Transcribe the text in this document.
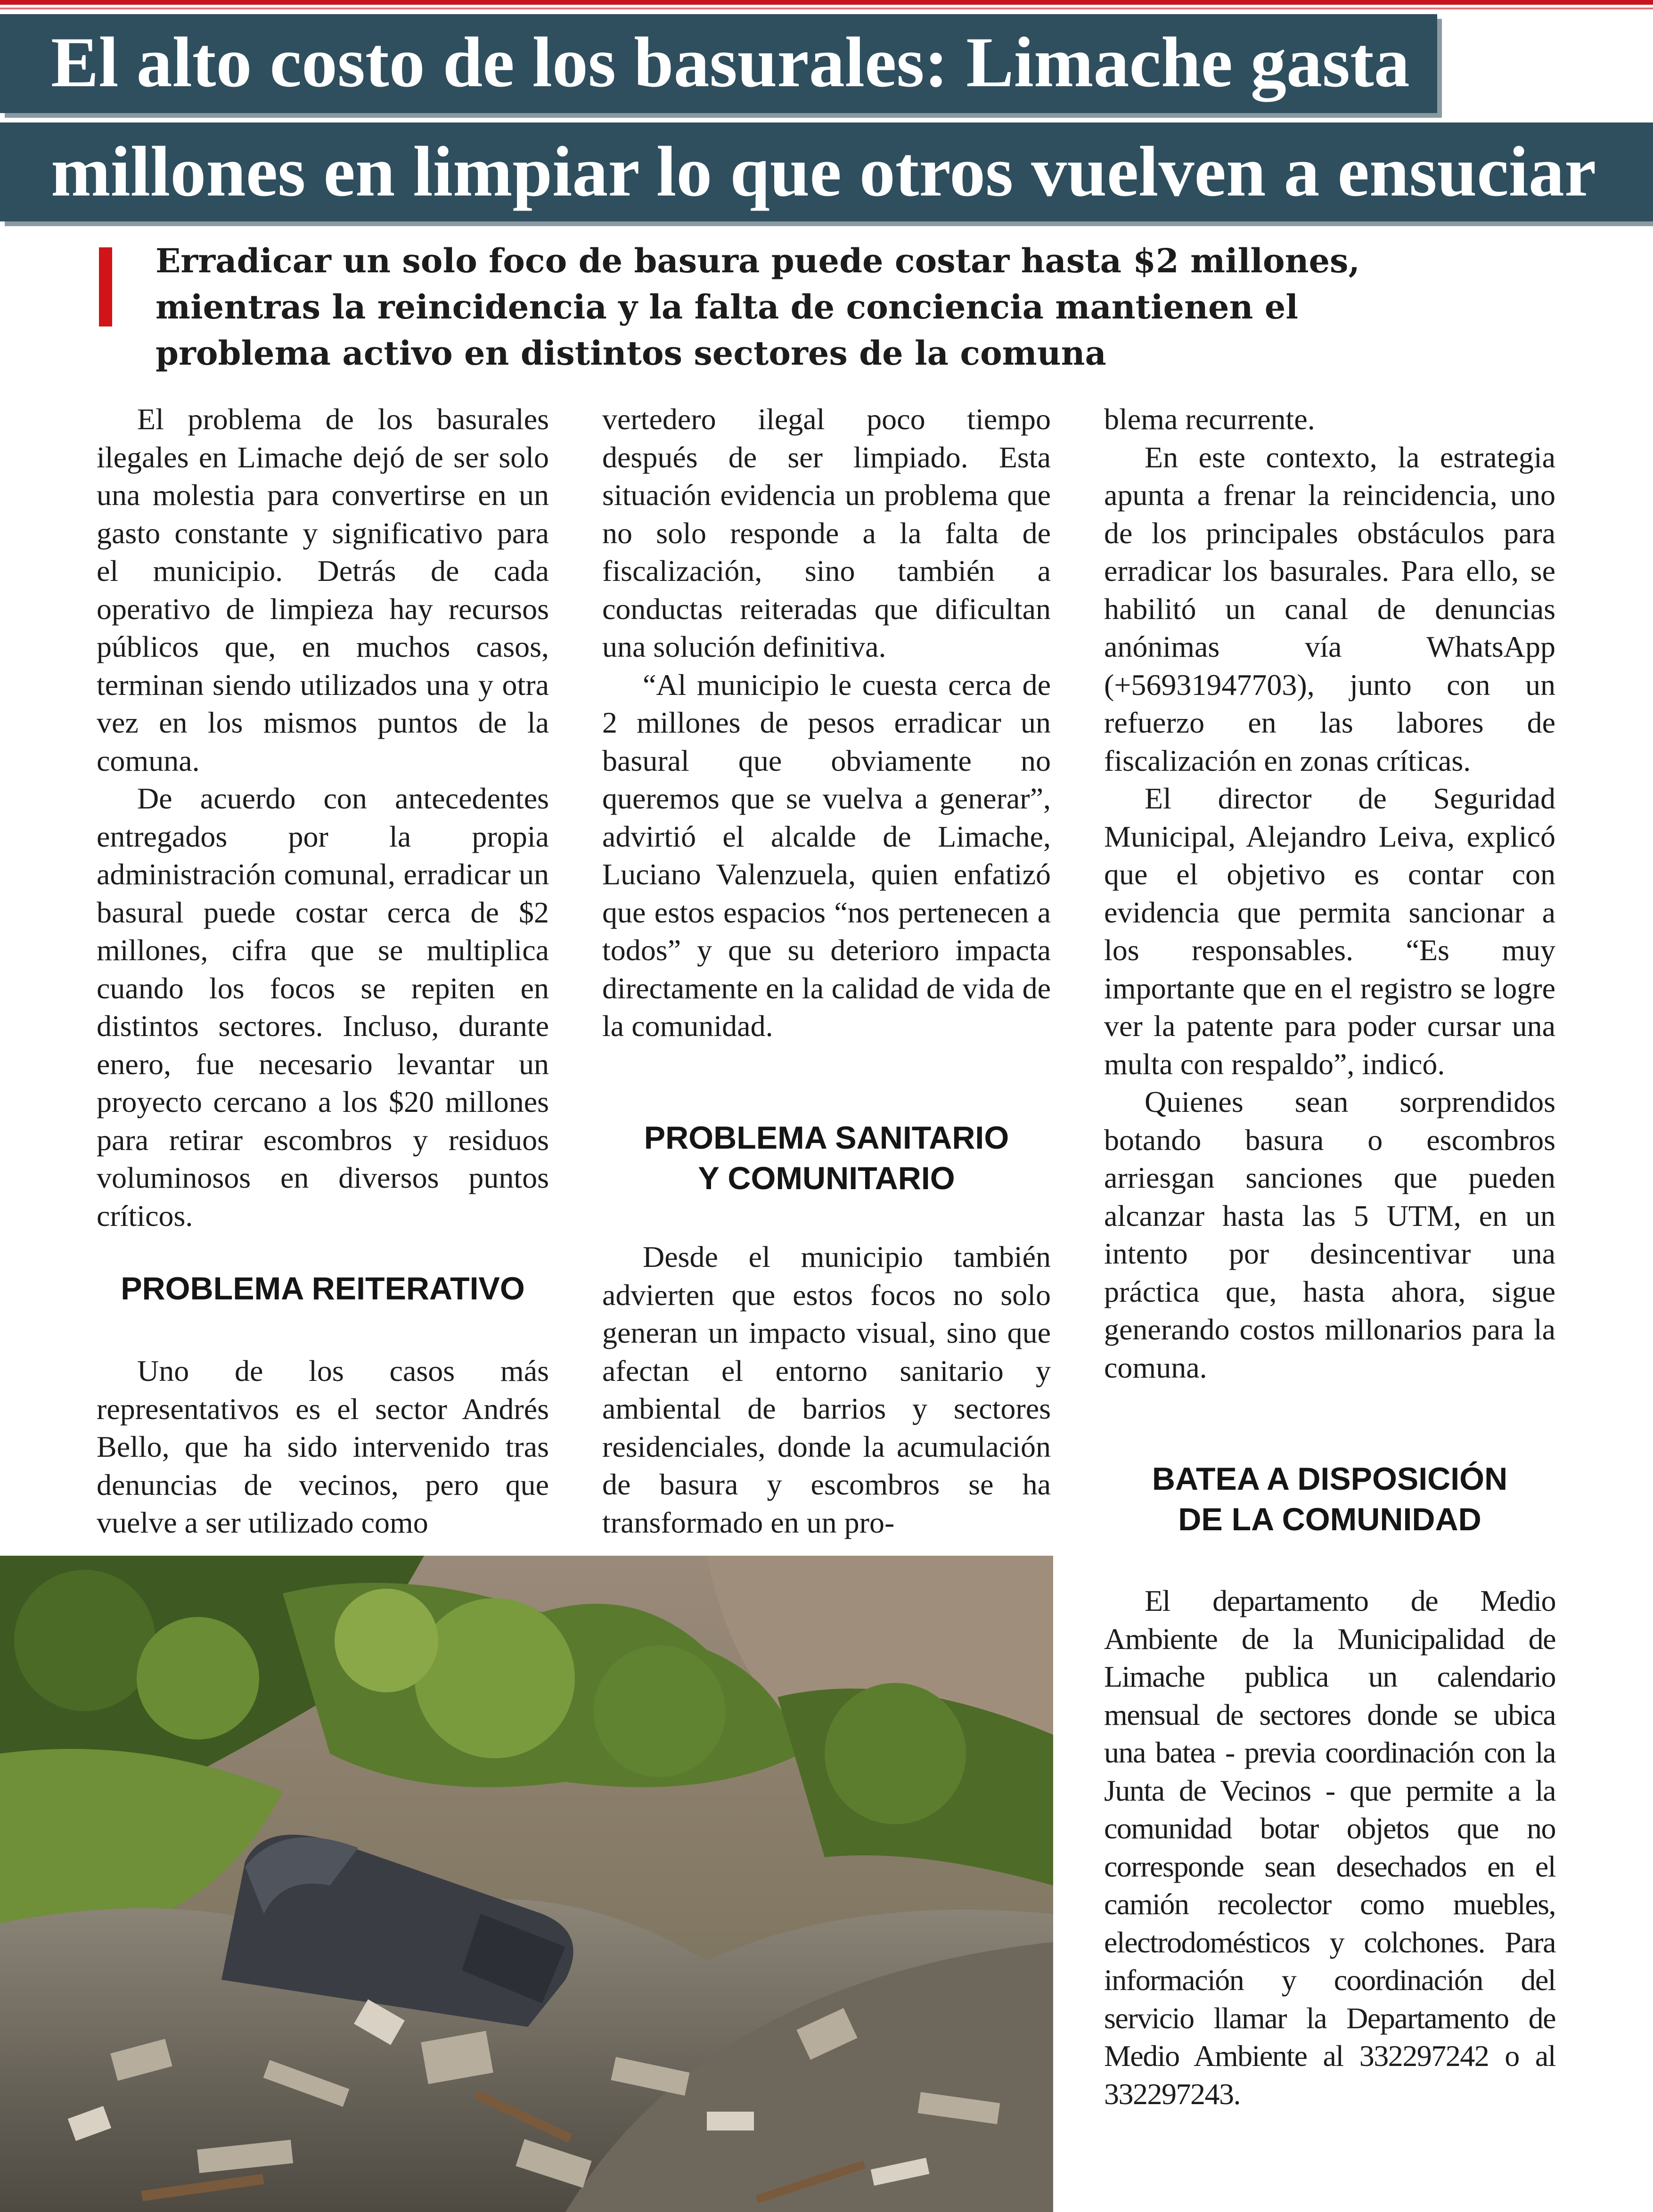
El alto costo de los basurales: Limache gasta
millones en limpiar lo que otros vuelven a ensuciar
Erradicar un solo foco de basura puede costar hasta $2 millones,
mientras la reincidencia y la falta de conciencia mantienen el
problema activo en distintos sectores de la comuna

El problema de los basurales ilegales en Limache dejó de ser solo una molestia para convertirse en un gasto constante y significativo para el municipio. Detrás de cada operativo de limpieza hay recursos públicos que, en muchos casos, terminan siendo utilizados una y otra vez en los mismos puntos de la comuna.

De acuerdo con antecedentes entregados por la propia administración comunal, erradicar un basural puede costar cerca de $2 millones, cifra que se multiplica cuando los focos se repiten en distintos sectores. Incluso, durante enero, fue necesario levantar un proyecto cercano a los $20 millones para retirar escombros y residuos voluminosos en diversos puntos críticos.

PROBLEMA REITERATIVO

Uno de los casos más representativos es el sector Andrés Bello, que ha sido intervenido tras denuncias de vecinos, pero que vuelve a ser utilizado como

vertedero ilegal poco tiempo después de ser limpiado. Esta situación evidencia un problema que no solo responde a la falta de fiscalización, sino también a conductas reiteradas que dificultan una solución definitiva.

“Al municipio le cuesta cerca de 2 millones de pesos erradicar un basural que obviamente no queremos que se vuelva a generar”, advirtió el alcalde de Limache, Luciano Valenzuela, quien enfatizó que estos espacios “nos pertenecen a todos” y que su deterioro impacta directamente en la calidad de vida de la comunidad.

PROBLEMA SANITARIO
Y COMUNITARIO

Desde el municipio también advierten que estos focos no solo generan un impacto visual, sino que afectan el entorno sanitario y ambiental de barrios y sectores residenciales, donde la acumulación de basura y escombros se ha transformado en un pro-

blema recurrente.

En este contexto, la estrategia apunta a frenar la reincidencia, uno de los principales obstáculos para erradicar los basurales. Para ello, se habilitó un canal de denuncias anónimas vía WhatsApp (+56931947703), junto con un refuerzo en las labores de fiscalización en zonas críticas.

El director de Seguridad Municipal, Alejandro Leiva, explicó que el objetivo es contar con evidencia que permita sancionar a los responsables. “Es muy importante que en el registro se logre ver la patente para poder cursar una multa con respaldo”, indicó.

Quienes sean sorprendidos botando basura o escombros arriesgan sanciones que pueden alcanzar hasta las 5 UTM, en un intento por desincentivar una práctica que, hasta ahora, sigue generando costos millonarios para la comuna.

BATEA A DISPOSICIÓN
DE LA COMUNIDAD

El departamento de Medio Ambiente de la Municipalidad de Limache publica un calendario mensual de sectores donde se ubica una batea - previa coordinación con la Junta de Vecinos - que permite a la comunidad botar objetos que no corresponde sean desechados en el camión recolector como muebles, electrodomésticos y colchones. Para información y coordinación del servicio llamar la Departamento de Medio Ambiente al 332297242 o al 332297243.
